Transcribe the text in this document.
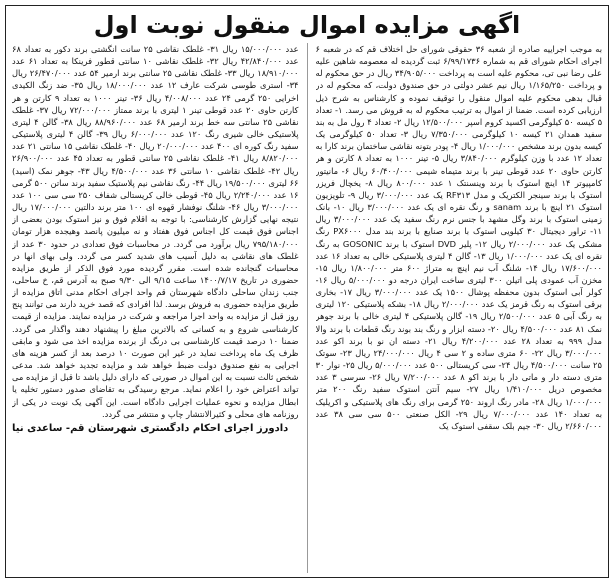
اگهی مزایده اموال منقول نوبت اول

به موجب اجراییه صادره از شعبه ۳۶ حقوقی شورای حل اختلاف قم که در شعبه ۶ اجرای احکام شورای قم به شماره ۶/۹۹/۱۷۳۶ ثبت گردیده له معصومه شاهین علیه علی رضا نبی تی، محکوم علیه است به پرداخت ۳۴/۹۰۵/۰۰۰ ریال در حق محکوم له و پرداخت ۱/۱۶۵/۲۵۰ ریال نیم عشر دولتی در حق صندوق دولت، که محکوم له در قبال بدهی محکوم علیه اموال منقول را توقیف نموده و کارشناس به شرح ذیل ارزیابی کرده است. ضمنا از اموال به ترتیب محکوم له به فروش می رسد. ۱- تعداد ۵ کیسه ۵۰ کیلوگرمی اکسید کروم اسپر ۱۲/۵۰۰/۰۰۰ ریال ۲- تعداد ۴ رول مل به بند سفید همدان ۲۱ کیسه ۱۰ کیلوگرمی ۷/۳۵۰/۰۰۰ ریال ۳- تعداد ۵۰ کیلوگرمی یک کیسه بدون برند مشخص ۱/۰۰۰/۰۰۰ ریال ۴- پودر بتونه نقاشی ساختمان برند کارا به تعداد ۱۲ عدد با وزن کیلوگرم ۳/۸۴۰/۰۰۰ ریال ۵- تینر ۱۰۰۰ به تعداد ۸ کارتن و هر کارتن حاوی ۲۰ عدد قوطی تینر با برند متیماه شیمی ۶۰/۴۰۰/۰۰۰ ریال ۶- مانیتور کامپیوتر ۱۴ اینچ استوک با برند وینسنتک ۱ عدد ۸۰۰/۰۰۰ ریال ۸- یخچال فریزر استوک با برند سینجر الکتریک و مدل RF۳۱۳ یک عدد ۳/۰۰۰/۰۰۰ ریال ۹- تلویزیون استوک ۲۱ اینچ با برند sanam و رنگ نقره ای یک عدد ۳/۰۰۰/۰۰۰ ریال ۱۰- بانک زمینی استوک با برند وگل مشهد با جنس نرم رنگ سفید یک عدد ۳/۰۰۰/۰۰۰ ریال ۱۱- تراور دیجیتال ۳۰ کیلویی استوک با برند صنایع با برند بند مدل PX۶۰۰۰ رنگ مشکی یک عدد ۲/۰۰۰/۰۰۰ ریال ۱۲- پلیر DVD استوک با برند GOSONIC به رنگ نقره ای یک عدد ۱/۰۰۰/۰۰۰ ریال ۱۳- گالن ۴ لیتری پلاستیکی خالی به تعداد ۱۶ عدد ۱۷/۶۰۰/۰۰۰ ریال ۱۴- شلنگ آب نیم اینچ به متراژ ۶۰۰ متر ۱/۸۰۰/۰۰۰ ریال ۱۵- مخزن آب عمودی پلی اتیلن ۳۰۰ لیتری ساخت ایران درجه دو ۵/۰۰۰/۰۰۰ ریال ۱۶- کولر آبی استوک بدون محفظه پوشال ۱۵۰۰ یک عدد ۳/۰۰۰/۰۰۰ ریال ۱۷- بخاری برقی استوک به رنگ قرمز یک عدد ۲/۰۰۰/۰۰۰ ریال ۱۸- بشکه پلاستیکی ۱۲۰ لیتری به رنگ آبی ۵ عدد ۲/۵۰۰/۰۰۰ ریال ۱۹- گالن پلاستیکی ۴ لیتری خالی با برند جوهر نمک ۸۱ عدد ۴/۵۰۰/۰۰۰ ریال ۲۰- دسته ابزار و رنگ بند بوند رنگ قطعات با برند والا مدل ۹۹۹ به تعداد ۲۸ عدد ۴/۲۰۰/۰۰۰ ریال ۲۱- دسته ان نو با برند اکو عدد ۳/۰۰۰/۰۰۰ ریال ۲۲- ۶۰ متری ساده و ۲ سی ۴ ریال ۲۴/۰۰۰/۰۰۰ ریال ۲۳- سوتک ۲۵ سانت ۴/۵۰۰/۰۰۰ ریال ۲۴- سی کریستالی ۵۰۰ عدد ۵/۰۰۰/۰۰۰ ریال ۲۵- نوار ۳۰ متری دسته دار و ماتی دار با برند اکو ۸ عدد ۷/۲۰۰/۰۰۰ ریال ۲۶- سرسی ۳ عدد مخصوص دریل ۱/۴۱۰/۰۰۰ ریال ۲۷- سیم آنتن استوک سفید رنگ ۲۰۰ متر ۱/۰۰۰/۰۰۰ ریال ۲۸- مادر رنگ اروند ۲۵۰ گرمی برای رنگ های پلاستیکی و اکریلیک به تعداد ۱۴۰ عدد ۷/۰۰۰/۰۰۰ ریال ۲۹- الکل صنعتی ۵۰۰ سی سی ۳۸ عدد ۲/۶۶۰/۰۰۰ ریال ۳۰- جیم بلک سقفی استوک یک

عدد ۱۵/۰۰۰/۰۰۰ ریال ۳۱- غلطک نقاشی ۲۵ سانت انگشتی برند دکور به تعداد ۶۸ عدد ۴۲/۸۴۰/۰۰۰ ریال ۳۲- غلطک نقاشی ۱۰ سانتی قطور فرینکا به تعداد ۶۱ عدد ۱۸/۹۱۰/۰۰۰ ریال ۳۳- غلطک نقاشی ۲۵ سانتی برند ارمیر ۵۴ عدد ۲۶/۴۷۰/۰۰۰ ریال ۳۴- استری طوسی شرکت عارف ۱۲ عدد ۱۸/۰۰۰/۰۰۰ ریال ۳۵- ضد زنگ الکیدی اخرایی ۲۵۰ گرمی ۲۴ عدد ۴/۰۰۸/۰۰۰ ریال ۳۶- تینر ۱۰۰۰ به تعداد ۹ کارتن و هر کارتن حاوی ۲۰ عدد قوطی تینر ۱ لیتری با برند ممتاز ۷۲/۰۰۰/۰۰۰ ریال ۳۷- غلطک نقاشی ۲۵ سانتی سه خط برند ارمیر ۶۸ عدد ۸۸/۹۶۰/۰۰۰ ریال ۳۸- گالن ۴ لیتری پلاستیکی خالی شیری رنگ ۱۲۰ عدد ۶/۰۰۰/۰۰۰ ریال ۳۹- گالن ۴ لیتری پلاستیکی سفید رنگ کوره ای ۴۰۰ عدد ۲۰/۰۰۰/۰۰۰ ریال ۴۰- غلطک نقاشی ۱۵ سانتی ۲۱ عدد ۸/۸۲۰/۰۰۰ ریال ۴۱- غلطک نقاشی ۲۵ سانتی قطور به تعداد ۴۵ عدد ۲۶/۹۰۰/۰۰۰ ریال ۴۲- غلطک نقاشی ۱۰ سانتی ۳۶ عدد ۴/۵۰۰/۰۰۰ ریال ۴۳- جوهر نمک (اسید) ۶۶ لیتری ۱۹/۵۰۰/۰۰۰ ریال ۴۴- رنگ نقاشی نیم پلاستیک سفید برند ساتن ۵۰۰ گرمی ۱۶ عدد ۲/۲۴۰/۰۰۰ ریال ۴۵- قوطی خالی کریستالی شفاف ۲۵۰ سی سی ۱۰۰ عدد ۳/۰۰۰/۰۰۰ ریال ۴۶- شلنگ نوفشار قهوه ای ۱۰۰ متر برند دالتین ۱۷/۰۰۰/۰۰۰ ریال نتیجه نهایی گزارش کارشناسی: با توجه به اقلام فوق و نیز استوک بودن بعضی از اجناس فوق قیمت کل اجناس فوق هفتاد و نه میلیون پانصد وهیجده هزار تومان ۷۹۵/۱۸۰/۰۰۰ ریال برآورد می گردد. در محاسبات فوق تعدادی در حدود ۳۰ عدد از غلطک های نقاشی به دلیل آسیب های شدید کسر می گردد. ولی بهای انها در محاسبات گنجانده شده است. مقرر گردیده مورد فوق الذکر از طریق مزایده حضوری در تاریخ ۱۴۰۰/۷/۱۷ ساعت ۹/۱۵ الی ۹/۳۰ صبح به آدرس قم، خ ساحلی، جنب زندان ساحلی دادگاه شهرستان قم واحد اجرای احکام مدنی اتاق مزایده از طریق مزایده حضوری به فروش برسد. لذا افرادی که قصد خرید دارند می توانند پنج روز قبل از مزایده به واحد اجرا مراجعه و شرکت در مزایده نمایند. مزایده از قیمت کارشناسی شروع و به کسانی که بالاترین مبلغ را پیشنهاد دهند واگذار می گردد. ضمنا ۱۰ درصد قیمت کارشناسی بی درنگ از برنده مزایده اخذ می شود و مابقی ظرف یک ماه پرداخت نماید در غیر این صورت ۱۰ درصد بعد از کسر هزینه های اجرایی به نفع صندوق دولت ضبط خواهد شد و مزایده تجدید خواهد شد. مدعی شخص ثالث نسبت به این اموال در صورتی که دارای دلیل باشد تا قبل از مزایده می تواند اعتراض خود را اعلام نماید. مرجع رسیدگی به تقاضای صدور دستور تخلیه یا ابطال مزایده و نحوه عملیات اجرایی دادگاه است. این آگهی یک نوبت در یکی از روزنامه های محلی و کثیرالانتشار چاپ و منتشر می گردد.

دادورز اجرای احکام دادگستری شهرستان قم- ساعدی نیا
